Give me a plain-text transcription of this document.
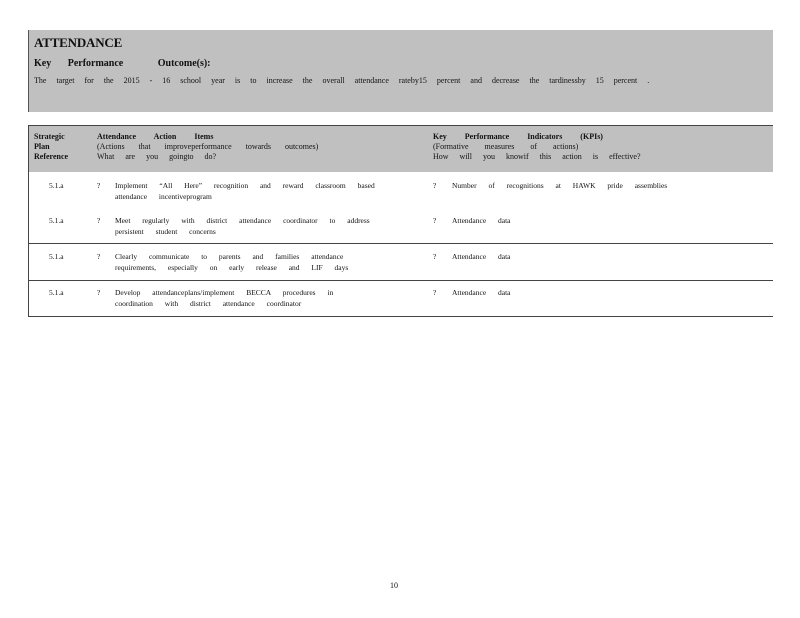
ATTENDANCE
Key Performance	Outcome(s):
The target for the 2015 - 16 school year is to increase the overall attendance rateby15 percent and decrease the tardinessby 15 percent .
Strategic
Plan
Reference
Attendance Action Items
(Actions that improveperformance towards outcomes)
What are you goingto do?
Key Performance Indicators (KPIs)
(Formative measures of actions)
How will you knowif this action is effective?
5.1.a	? Implement “All Here” recognition and reward classroom based
attendance incentiveprogram
? Number of recognitions at HAWK pride assemblies
5.1.a	? Meet regularly with district attendance coordinator to address
persistent student concerns
? Attendance data
5.1.a	? Clearly communicate to parents and families attendance
requirements, especially on early release and LIF days
? Attendance data
5.1.a	? Develop attendanceplans/implement BECCA procedures in
coordination with district attendance coordinator
? Attendance data
10
